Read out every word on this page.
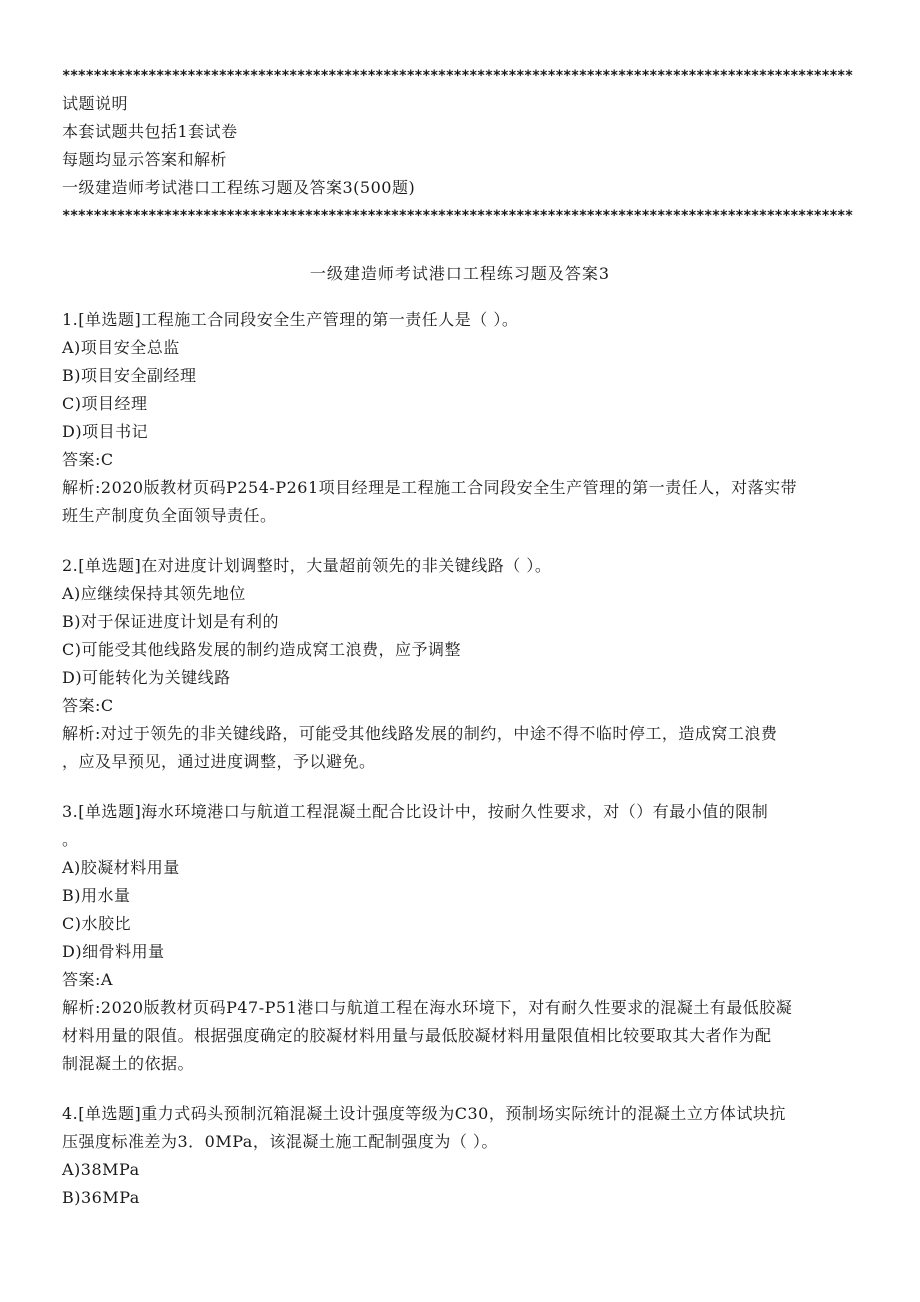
*****************************************************************************************************
试题说明
本套试题共包括1套试卷
每题均显示答案和解析
一级建造师考试港口工程练习题及答案3(500题)
*****************************************************************************************************
一级建造师考试港口工程练习题及答案3
1.[单选题]工程施工合同段安全生产管理的第一责任人是（ ）。
A)项目安全总监
B)项目安全副经理
C)项目经理
D)项目书记
答案:C
解析:2020版教材页码P254-P261项目经理是工程施工合同段安全生产管理的第一责任人，对落实带
班生产制度负全面领导责任。
2.[单选题]在对进度计划调整时，大量超前领先的非关键线路（ ）。
A)应继续保持其领先地位
B)对于保证进度计划是有利的
C)可能受其他线路发展的制约造成窝工浪费，应予调整
D)可能转化为关键线路
答案:C
解析:对过于领先的非关键线路，可能受其他线路发展的制约，中途不得不临时停工，造成窝工浪费
，应及早预见，通过进度调整，予以避免。
3.[单选题]海水环境港口与航道工程混凝土配合比设计中，按耐久性要求，对（）有最小值的限制
。
A)胶凝材料用量
B)用水量
C)水胶比
D)细骨料用量
答案:A
解析:2020版教材页码P47-P51港口与航道工程在海水环境下，对有耐久性要求的混凝土有最低胶凝
材料用量的限值。根据强度确定的胶凝材料用量与最低胶凝材料用量限值相比较要取其大者作为配
制混凝土的依据。
4.[单选题]重力式码头预制沉箱混凝土设计强度等级为C30，预制场实际统计的混凝土立方体试块抗
压强度标准差为3．0MPa，该混凝土施工配制强度为（ ）。
A)38MPa
B)36MPa
